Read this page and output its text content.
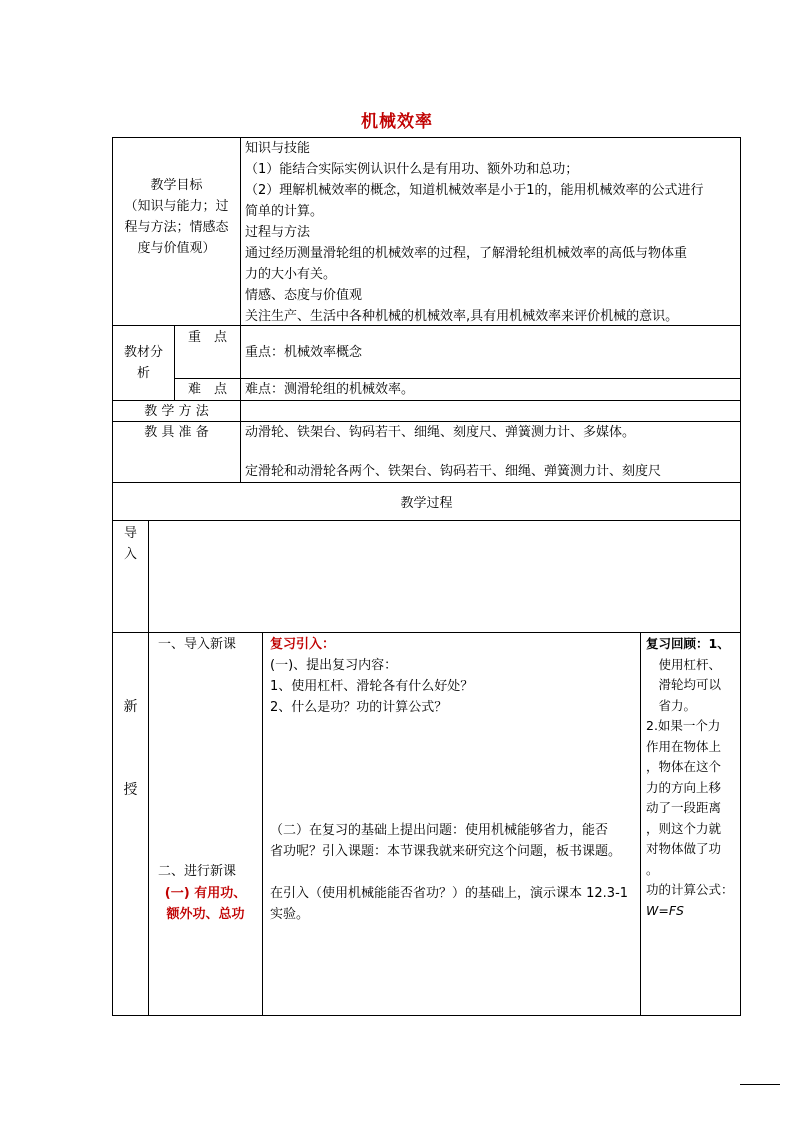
机械效率
教学目标
（知识与能力；过
程与方法；情感态
度与价值观）
知识与技能
（1）能结合实际实例认识什么是有用功、额外功和总功；
（2）理解机械效率的概念，知道机械效率是小于1的，能用机械效率的公式进行
简单的计算。
过程与方法
通过经历测量滑轮组的机械效率的过程，了解滑轮组机械效率的高低与物体重
力的大小有关。
情感、态度与价值观
关注生产、生活中各种机械的机械效率,具有用机械效率来评价机械的意识。
教材分
析
重　点
重点：机械效率概念
难　点	难点：测滑轮组的机械效率。
教 学 方 法
教 具 准 备	动滑轮、铁架台、钩码若干、细绳、刻度尺、弹簧测力计、多媒体。
定滑轮和动滑轮各两个、铁架台、钩码若干、细绳、弹簧测力计、刻度尺
教学过程
导
入
新
授
一、导入新课
二、进行新课
(一) 有用功、
额外功、总功
复习引入：
(一)、提出复习内容：
1、使用杠杆、滑轮各有什么好处？
2、什么是功？功的计算公式？
（二）在复习的基础上提出问题：使用机械能够省力，能否
省功呢？引入课题：本节课我就来研究这个问题，板书课题。
在引入（使用机械能能否省功？）的基础上，演示课本 12.3-1
实验。
复习回顾：1、
　使用杠杆、
　滑轮均可以
　省力。
2.如果一个力
作用在物体上
，物体在这个
力的方向上移
动了一段距离
，则这个力就
对物体做了功
。
功的计算公式：
W=FS
